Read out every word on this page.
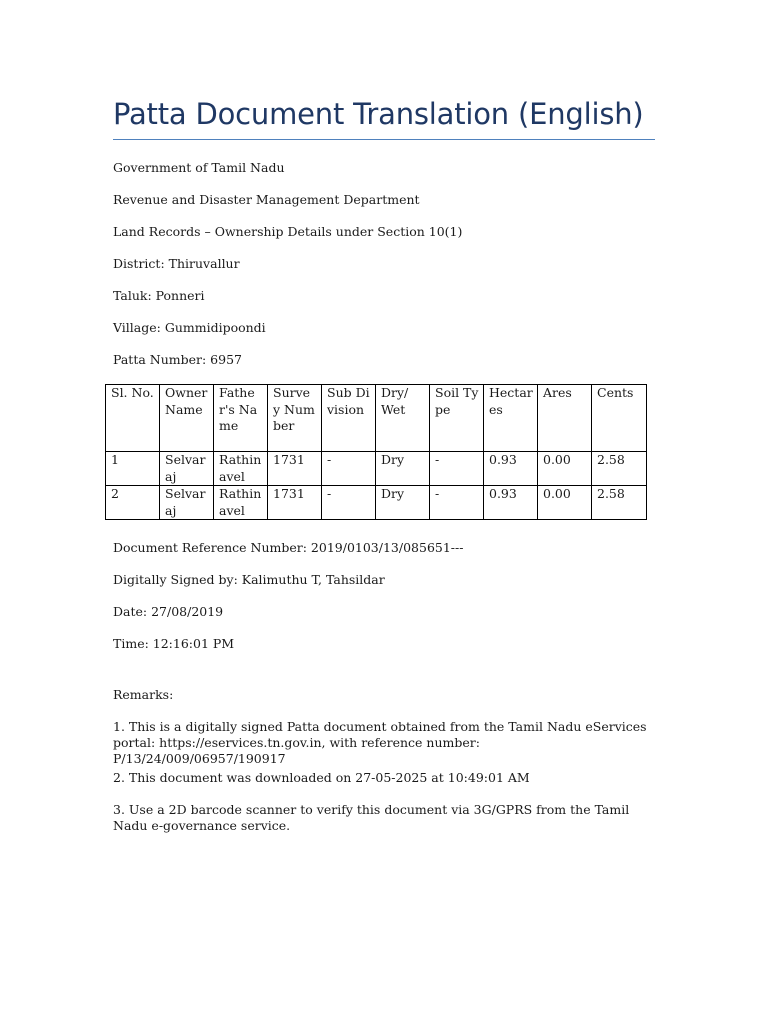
Patta Document Translation (English)

Government of Tamil Nadu

Revenue and Disaster Management Department

Land Records – Ownership Details under Section 10(1)

District: Thiruvallur

Taluk: Ponneri

Village: Gummidipoondi

Patta Number: 6957

Sl. No.	Owner Name	Father's Name	Survey Number	Sub Division	Dry/ Wet	Soil Type	Hectares	Ares	Cents
1	Selvaraj	Rathinavel	1731	-	Dry	-	0.93	0.00	2.58
2	Selvaraj	Rathinavel	1731	-	Dry	-	0.93	0.00	2.58

Document Reference Number: 2019/0103/13/085651---

Digitally Signed by: Kalimuthu T, Tahsildar

Date: 27/08/2019

Time: 12:16:01 PM

Remarks:

1. This is a digitally signed Patta document obtained from the Tamil Nadu eServices portal: https://eservices.tn.gov.in, with reference number: P/13/24/009/06957/190917

2. This document was downloaded on 27-05-2025 at 10:49:01 AM

3. Use a 2D barcode scanner to verify this document via 3G/GPRS from the Tamil Nadu e-governance service.
